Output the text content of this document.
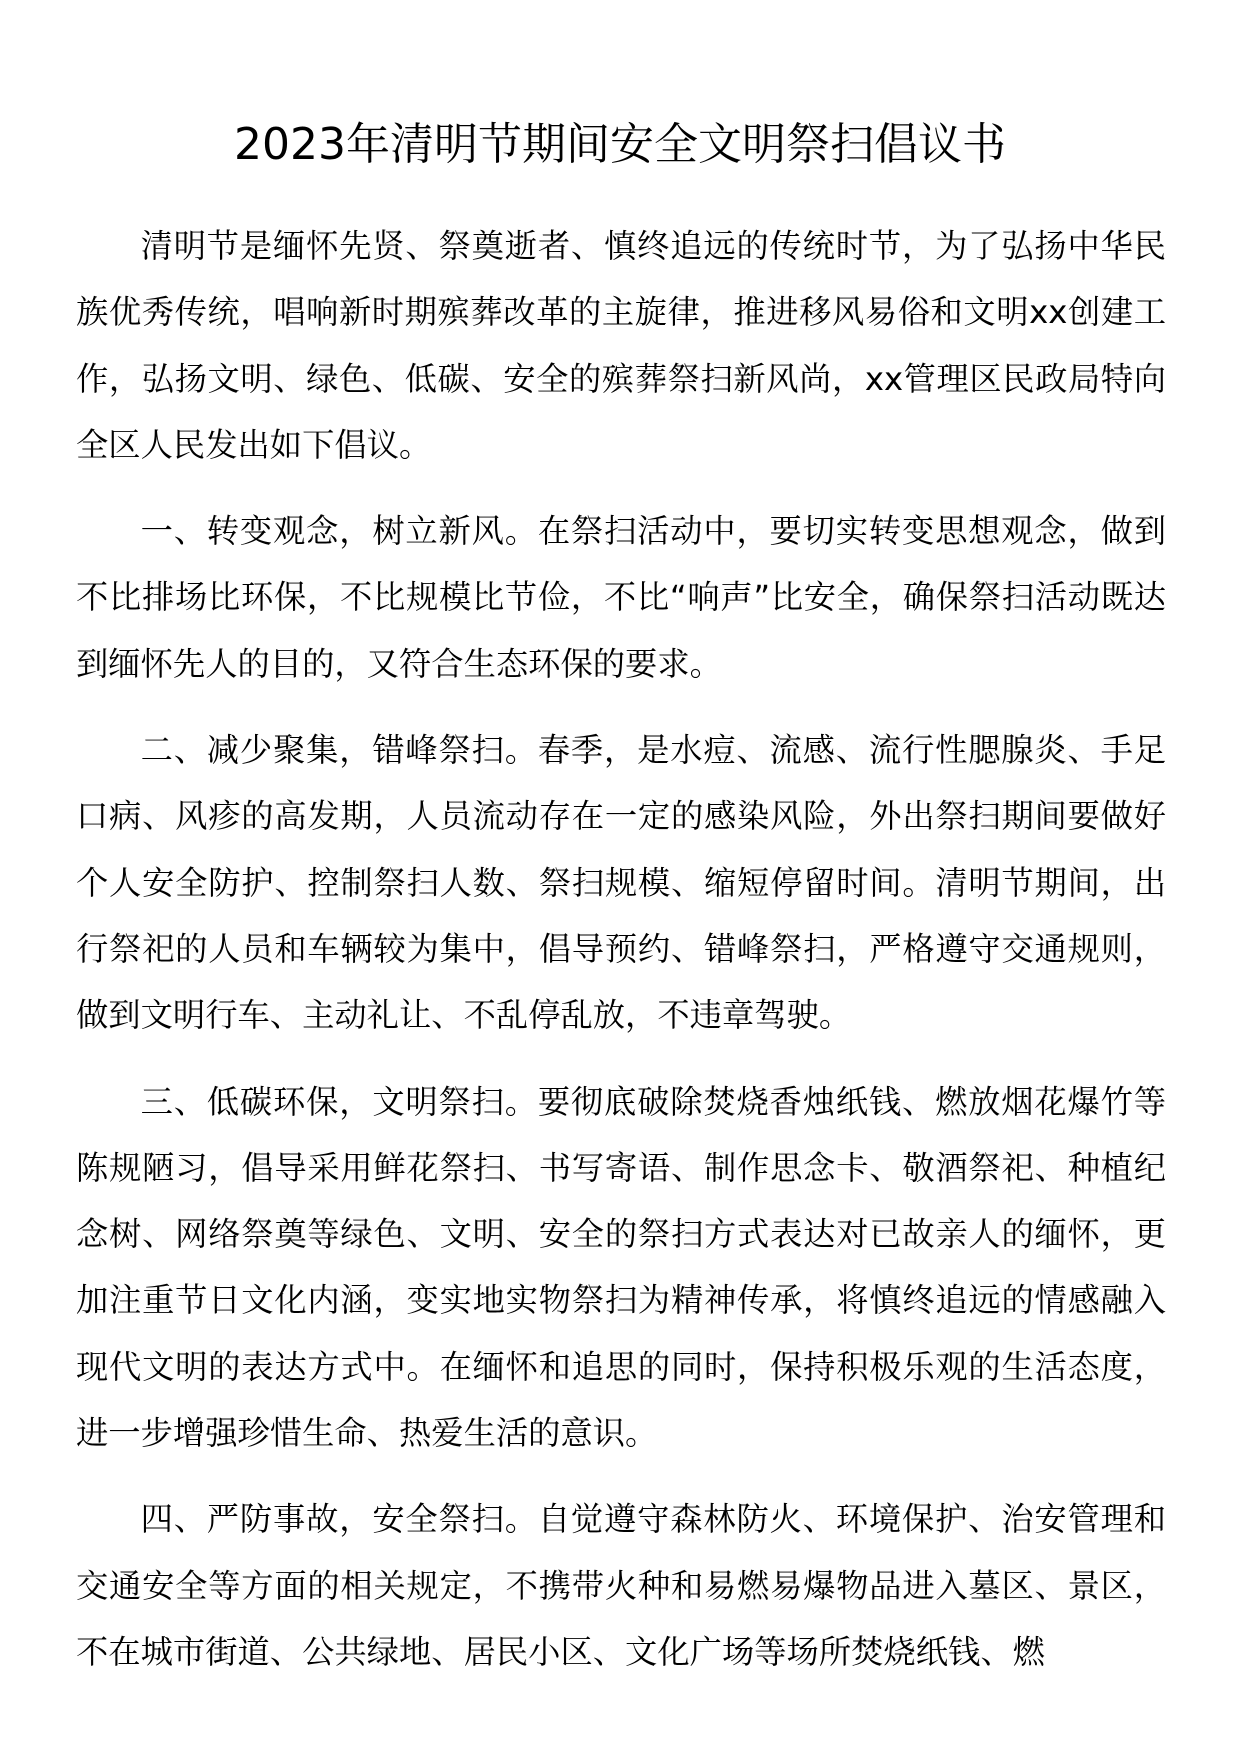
2023年清明节期间安全文明祭扫倡议书

清明节是缅怀先贤、祭奠逝者、慎终追远的传统时节，为了弘扬中华民族优秀传统，唱响新时期殡葬改革的主旋律，推进移风易俗和文明xx创建工作，弘扬文明、绿色、低碳、安全的殡葬祭扫新风尚，xx管理区民政局特向全区人民发出如下倡议。

一、转变观念，树立新风。在祭扫活动中，要切实转变思想观念，做到不比排场比环保，不比规模比节俭，不比“响声”比安全，确保祭扫活动既达到缅怀先人的目的，又符合生态环保的要求。

二、减少聚集，错峰祭扫。春季，是水痘、流感、流行性腮腺炎、手足口病、风疹的高发期，人员流动存在一定的感染风险，外出祭扫期间要做好个人安全防护、控制祭扫人数、祭扫规模、缩短停留时间。清明节期间，出行祭祀的人员和车辆较为集中，倡导预约、错峰祭扫，严格遵守交通规则，做到文明行车、主动礼让、不乱停乱放，不违章驾驶。

三、低碳环保，文明祭扫。要彻底破除焚烧香烛纸钱、燃放烟花爆竹等陈规陋习，倡导采用鲜花祭扫、书写寄语、制作思念卡、敬酒祭祀、种植纪念树、网络祭奠等绿色、文明、安全的祭扫方式表达对已故亲人的缅怀，更加注重节日文化内涵，变实地实物祭扫为精神传承，将慎终追远的情感融入现代文明的表达方式中。在缅怀和追思的同时，保持积极乐观的生活态度，进一步增强珍惜生命、热爱生活的意识。

四、严防事故，安全祭扫。自觉遵守森林防火、环境保护、治安管理和交通安全等方面的相关规定，不携带火种和易燃易爆物品进入墓区、景区，不在城市街道、公共绿地、居民小区、文化广场等场所焚烧纸钱、燃
